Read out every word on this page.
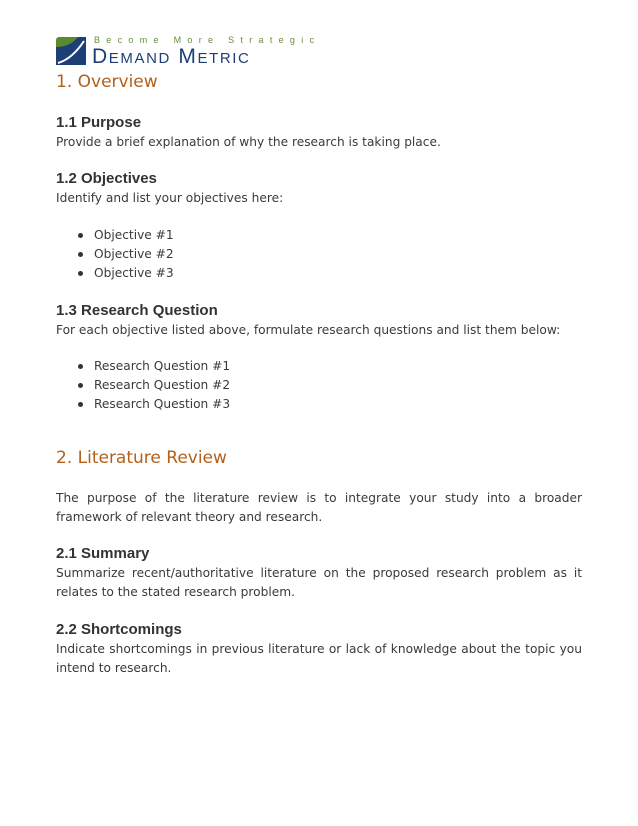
Become More Strategic
Demand Metric
1. Overview
1.1 Purpose

Provide a brief explanation of why the research is taking place.

1.2 Objectives

Identify and list your objectives here:

Objective #1
Objective #2
Objective #3
1.3 Research Question

For each objective listed above, formulate research questions and list them below:

Research Question #1
Research Question #2
Research Question #3
2. Literature Review

The purpose of the literature review is to integrate your study into a broader framework of relevant theory and research.

2.1 Summary

Summarize recent/authoritative literature on the proposed research problem as it relates to the stated research problem.

2.2 Shortcomings

Indicate shortcomings in previous literature or lack of knowledge about the topic you intend to research.
